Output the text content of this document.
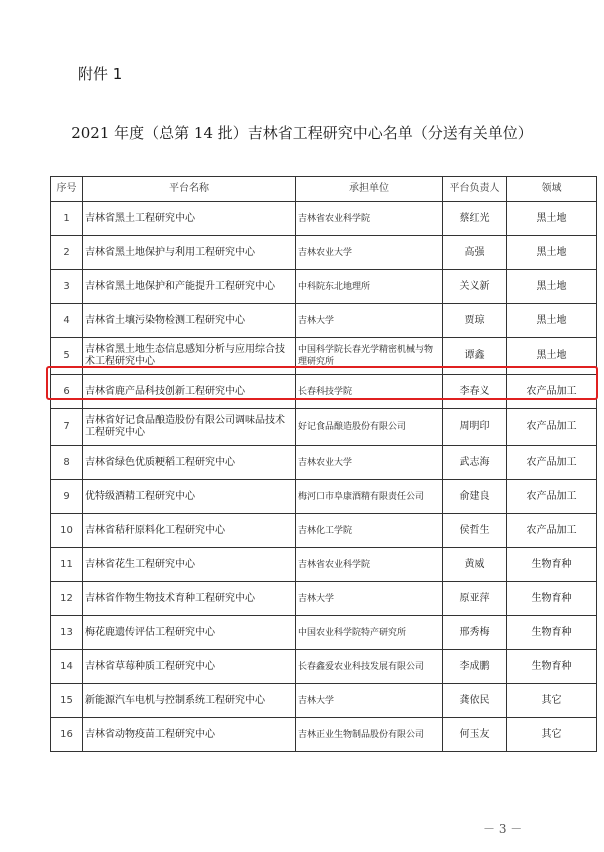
附件 1
2021 年度（总第 14 批）吉林省工程研究中心名单（分送有关单位）
序号	平台名称	承担单位	平台负责人	领域
1	吉林省黑土工程研究中心	吉林省农业科学院	蔡红光	黑土地
2	吉林省黑土地保护与利用工程研究中心	吉林农业大学	高强	黑土地
3	吉林省黑土地保护和产能提升工程研究中心	中科院东北地理所	关义新	黑土地
4	吉林省土壤污染物检测工程研究中心	吉林大学	贾琼	黑土地
5	吉林省黑土地生态信息感知分析与应用综合技术工程研究中心	中国科学院长春光学精密机械与物理研究所	谭鑫	黑土地
6	吉林省鹿产品科技创新工程研究中心	长春科技学院	李春义	农产品加工
7	吉林省好记食品酿造股份有限公司调味品技术工程研究中心	好记食品酿造股份有限公司	周明印	农产品加工
8	吉林省绿色优质粳稻工程研究中心	吉林农业大学	武志海	农产品加工
9	优特级酒精工程研究中心	梅河口市阜康酒精有限责任公司	俞建良	农产品加工
10	吉林省秸秆原料化工程研究中心	吉林化工学院	侯哲生	农产品加工
11	吉林省花生工程研究中心	吉林省农业科学院	黄威	生物育种
12	吉林省作物生物技术育种工程研究中心	吉林大学	原亚萍	生物育种
13	梅花鹿遗传评估工程研究中心	中国农业科学院特产研究所	邢秀梅	生物育种
14	吉林省草莓种质工程研究中心	长春鑫爱农业科技发展有限公司	李成鹏	生物育种
15	新能源汽车电机与控制系统工程研究中心	吉林大学	龚依民	其它
16	吉林省动物疫苗工程研究中心	吉林正业生物制品股份有限公司	何玉友	其它
－ 3 －
